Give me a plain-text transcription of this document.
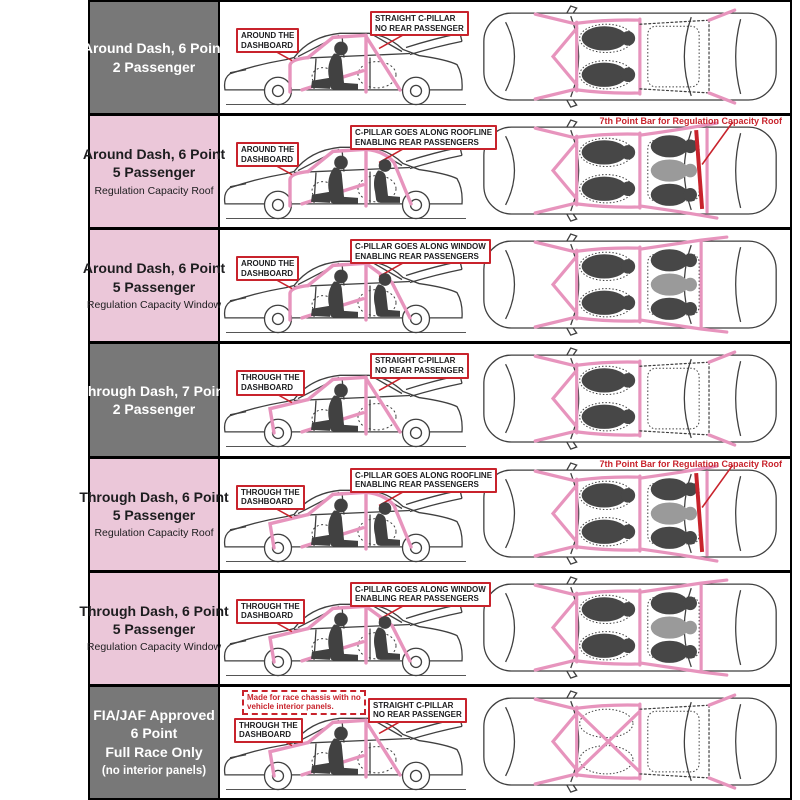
Around Dash, 6 Point
2 Passenger
AROUND THE
DASHBOARD
STRAIGHT C-PILLAR
NO REAR PASSENGER
Around Dash, 6 Point
5 Passenger
Regulation Capacity Roof
AROUND THE
DASHBOARD
C-PILLAR GOES ALONG ROOFLINE
ENABLING REAR PASSENGERS
7th Point Bar for Regulation Capacity Roof
Around Dash, 6 Point
5 Passenger
Regulation Capacity Window
AROUND THE
DASHBOARD
C-PILLAR GOES ALONG WINDOW
ENABLING REAR PASSENGERS
Through Dash, 7 Point
2 Passenger
THROUGH THE
DASHBOARD
STRAIGHT C-PILLAR
NO REAR PASSENGER
Through Dash, 6 Point
5 Passenger
Regulation Capacity Roof
THROUGH THE
DASHBOARD
C-PILLAR GOES ALONG ROOFLINE
ENABLING REAR PASSENGERS
7th Point Bar for Regulation Capacity Roof
Through Dash, 6 Point
5 Passenger
Regulation Capacity Window
THROUGH THE
DASHBOARD
C-PILLAR GOES ALONG WINDOW
ENABLING REAR PASSENGERS
FIA/JAF Approved
6 Point
Full Race Only
(no interior panels)
THROUGH THE
DASHBOARD
STRAIGHT C-PILLAR
NO REAR PASSENGER
Made for race chassis with no
vehicle interior panels.
